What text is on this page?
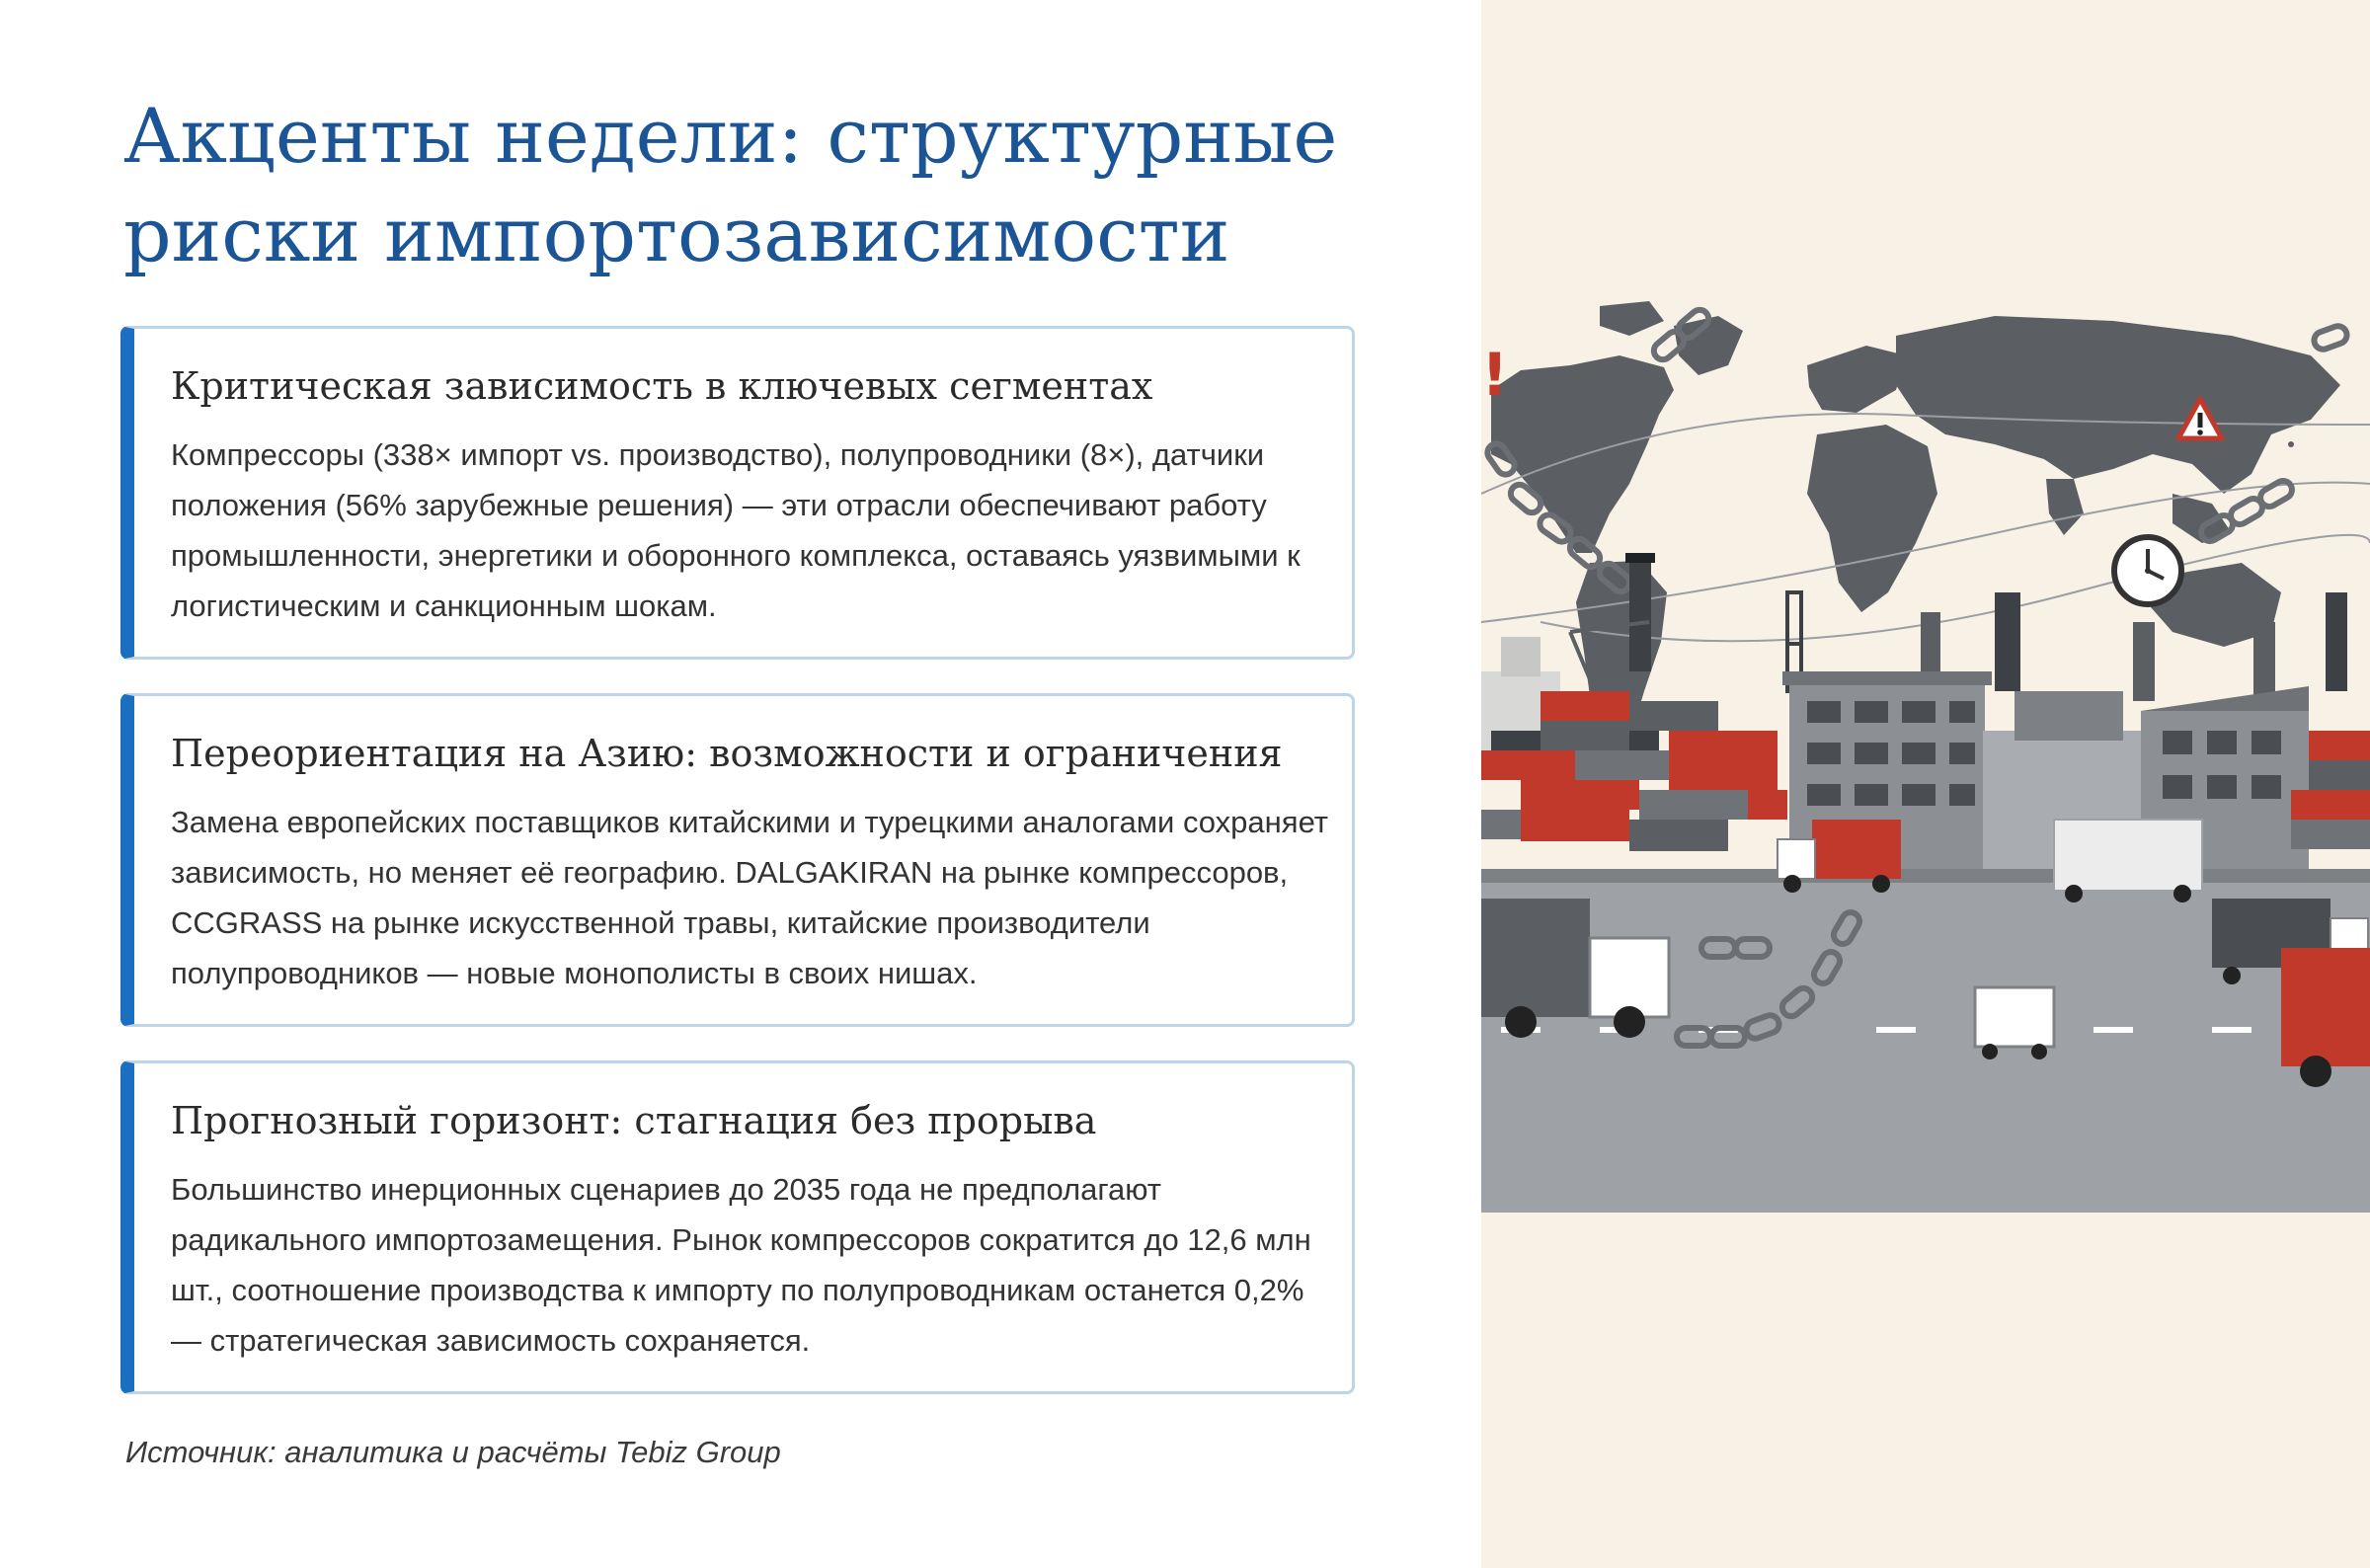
Акценты недели: структурные риски импортозависимости
Критическая зависимость в ключевых сегментах

Компрессоры (338× импорт vs. производство), полупроводники (8×), датчики положения (56% зарубежные решения) — эти отрасли обеспечивают работу промышленности, энергетики и оборонного комплекса, оставаясь уязвимыми к логистическим и санкционным шокам.

Переориентация на Азию: возможности и ограничения

Замена европейских поставщиков китайскими и турецкими аналогами сохраняет зависимость, но меняет её географию. DALGAKIRAN на рынке компрессоров, CCGRASS на рынке искусственной травы, китайские производители полупроводников — новые монополисты в своих нишах.

Прогнозный горизонт: стагнация без прорыва

Большинство инерционных сценариев до 2035 года не предполагают радикального импортозамещения. Рынок компрессоров сократится до 12,6 млн шт., соотношение производства к импорту по полупроводникам останется 0,2% — стратегическая зависимость сохраняется.

Источник: аналитика и расчёты Tebiz Group

!
